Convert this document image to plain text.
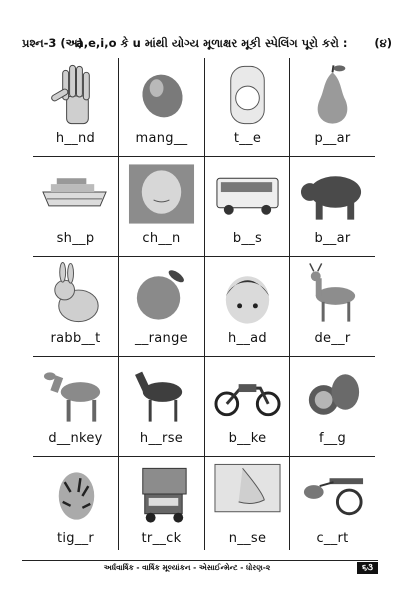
પ્રશ્ન-3 (અ)
a,e,i,o કે u માંથી યોગ્ય મૂળાક્ષર મૂકી સ્પેલિંગ પૂરો કરો : (૪)
h__nd	mang__	t__e	p__ar
sh__p	ch__n	b__s	b__ar
rabb__t	__range	h__ad	de__r
d__nkey	h__rse	b__ke	f__g
tig__r	tr__ck	n__se	c__rt
અર્ધવાર્ષિક - વાર્ષિક મૂલ્યાંકન - એસાઈન્મેન્ટ - ધોરણ-૨	૬૩
